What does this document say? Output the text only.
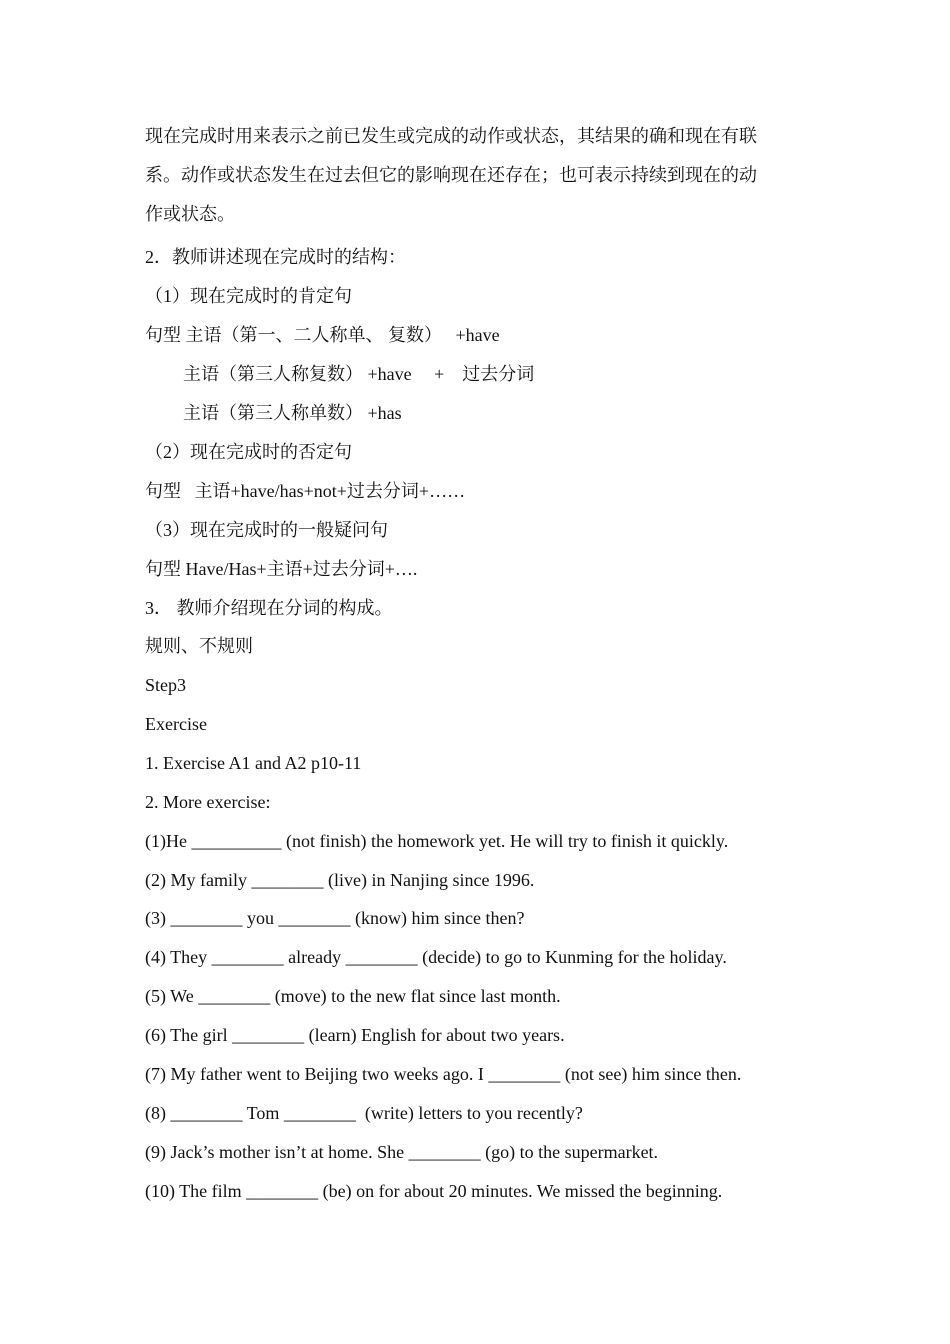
现在完成时用来表示之前已发生或完成的动作或状态，其结果的确和现在有联
系。动作或状态发生在过去但它的影响现在还存在；也可表示持续到现在的动
作或状态。
2．教师讲述现在完成时的结构：
（1）现在完成时的肯定句
句型 主语（第一、二人称单、 复数）   +have
主语（第三人称复数） +have     +    过去分词
主语（第三人称单数） +has
（2）现在完成时的否定句
句型   主语+have/has+not+过去分词+……
（3）现在完成时的一般疑问句
句型 Have/Has+主语+过去分词+….
3． 教师介绍现在分词的构成。
规则、不规则
Step3
Exercise
1. Exercise A1 and A2 p10-11
2. More exercise:
(1)He __________ (not finish) the homework yet. He will try to finish it quickly.
(2) My family ________ (live) in Nanjing since 1996.
(3) ________ you ________ (know) him since then?
(4) They ________ already ________ (decide) to go to Kunming for the holiday.
(5) We ________ (move) to the new flat since last month.
(6) The girl ________ (learn) English for about two years.
(7) My father went to Beijing two weeks ago. I ________ (not see) him since then.
(8) ________ Tom ________  (write) letters to you recently?
(9) Jack’s mother isn’t at home. She ________ (go) to the supermarket.
(10) The film ________ (be) on for about 20 minutes. We missed the beginning.
